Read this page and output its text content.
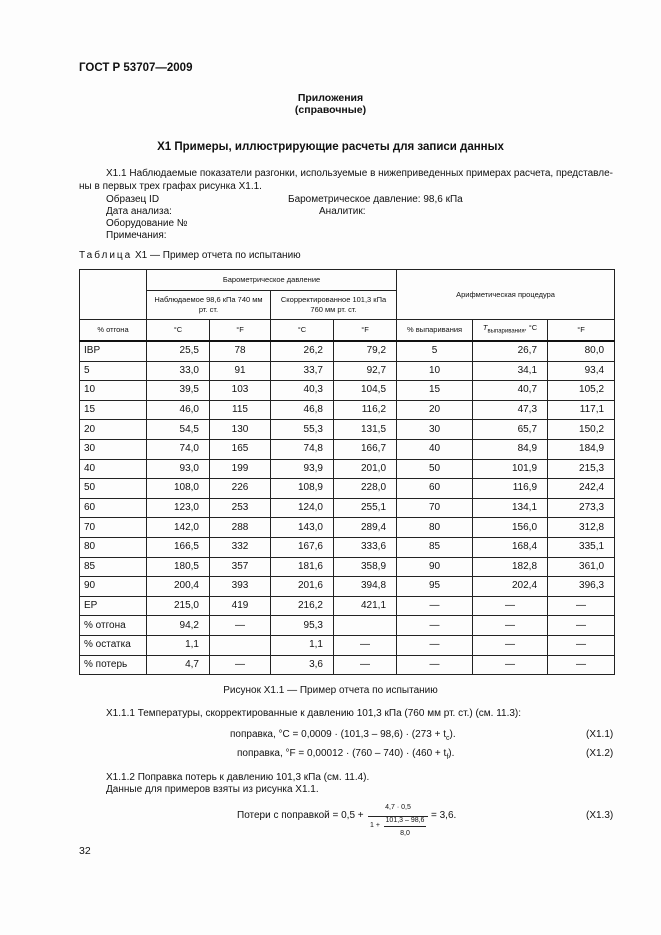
ГОСТ Р 53707—2009
Приложения
(справочные)
X1 Примеры, иллюстрирующие расчеты для записи данных
X1.1 Наблюдаемые показатели разгонки, используемые в нижеприведенных примерах расчета, представле-
ны в первых трех графах рисунка X1.1.
Образец ID	Барометрическое давление: 98,6 кПа
Дата анализа:	Аналитик:
Оборудование №
Примечания:
Таблица X1 — Пример отчета по испытанию
	Барометрическое давление				Арифметическая процедура		
	Наблюдаемое 98,6 кПа 740 мм рт. ст.		Скорректированное 101,3 кПа 760 мм рт. ст.				
% отгона	°С	°F	°С	°F	% выпаривания	$T_{выпаривания}$, °С	°F
IBP	25,5	78	26,2	79,2	5	26,7	80,0
5	33,0	91	33,7	92,7	10	34,1	93,4
10	39,5	103	40,3	104,5	15	40,7	105,2
15	46,0	115	46,8	116,2	20	47,3	117,1
20	54,5	130	55,3	131,5	30	65,7	150,2
30	74,0	165	74,8	166,7	40	84,9	184,9
40	93,0	199	93,9	201,0	50	101,9	215,3
50	108,0	226	108,9	228,0	60	116,9	242,4
60	123,0	253	124,0	255,1	70	134,1	273,3
70	142,0	288	143,0	289,4	80	156,0	312,8
80	166,5	332	167,6	333,6	85	168,4	335,1
85	180,5	357	181,6	358,9	90	182,8	361,0
90	200,4	393	201,6	394,8	95	202,4	396,3
EP	215,0	419	216,2	421,1	—	—	—
% отгона	94,2	—	95,3		—	—	—
% остатка	1,1		1,1	—	—	—	—
% потерь	4,7	—	3,6	—	—	—	—
Рисунок X1.1 — Пример отчета по испытанию
X1.1.1 Температуры, скорректированные к давлению 101,3 кПа (760 мм рт. ст.) (см. 11.3):
поправка, $^\circ С = 0,0009 \cdot (101,3 - 98,6) \cdot (273 + t_c)$.	(X1.1)
поправка, $^\circ F = 0,00012 \cdot (760 - 740) \cdot (460 + t_f)$.	(X1.2)
X1.1.2 Поправка потерь к давлению 101,3 кПа (см. 11.4).
Данные для примеров взяты из рисунка X1.1.
Потери с поправкой = 0,5 +
4,7 · 0,5
1 +
101,3 – 98,6
8,0
= 3,6.	(X1.3)
32
